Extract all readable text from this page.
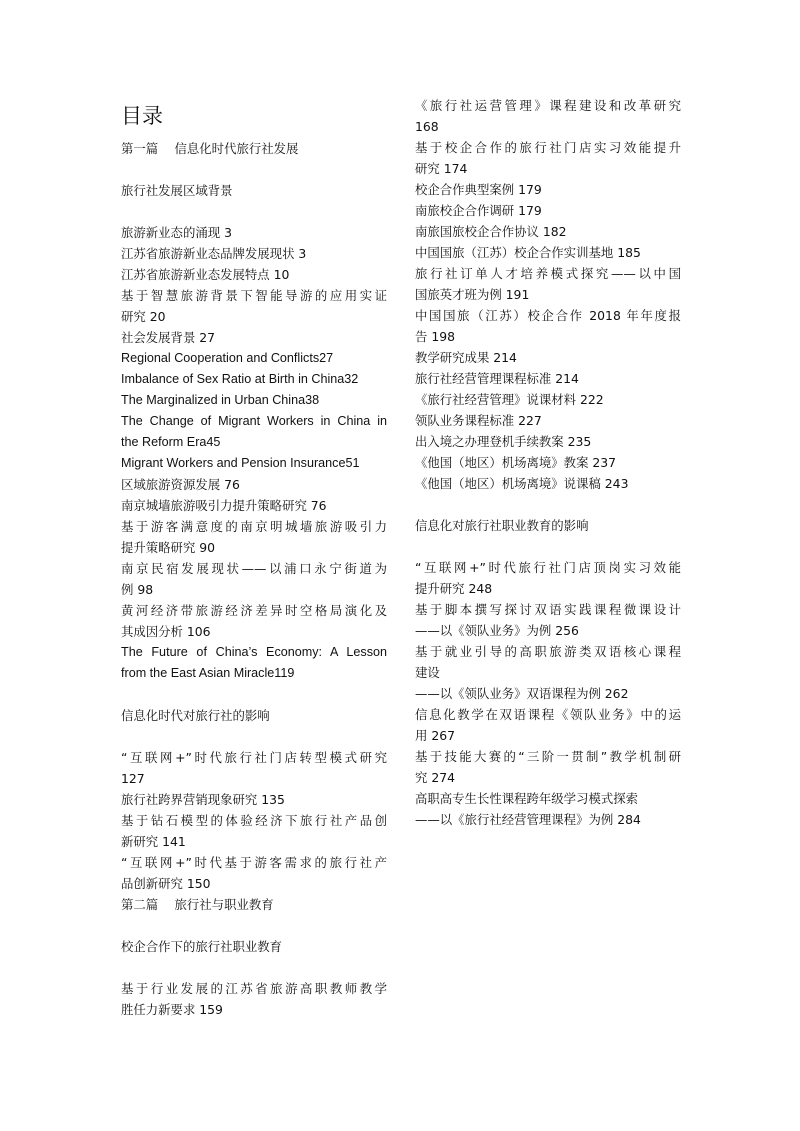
目录
第一篇　 信息化时代旅行社发展
旅行社发展区域背景
旅游新业态的涌现 3
江苏省旅游新业态品牌发展现状 3
江苏省旅游新业态发展特点 10
基于智慧旅游背景下智能导游的应用实证
研究 20
社会发展背景 27
Regional Cooperation and Conflicts27
Imbalance of Sex Ratio at Birth in China32
The Marginalized in Urban China38
The Change of Migrant Workers in China in
the Reform Era45
Migrant Workers and Pension Insurance51
区域旅游资源发展 76
南京城墙旅游吸引力提升策略研究 76
基于游客满意度的南京明城墙旅游吸引力
提升策略研究 90
南京民宿发展现状——以浦口永宁街道为
例 98
黄河经济带旅游经济差异时空格局演化及
其成因分析 106
The Future of China’s Economy: A Lesson
from the East Asian Miracle119
信息化时代对旅行社的影响
“互联网+”时代旅行社门店转型模式研究
127
旅行社跨界营销现象研究 135
基于钻石模型的体验经济下旅行社产品创
新研究 141
“互联网+”时代基于游客需求的旅行社产
品创新研究 150
第二篇　 旅行社与职业教育
校企合作下的旅行社职业教育
基于行业发展的江苏省旅游高职教师教学
胜任力新要求 159
《旅行社运营管理》课程建设和改革研究
168
基于校企合作的旅行社门店实习效能提升
研究 174
校企合作典型案例 179
南旅校企合作调研 179
南旅国旅校企合作协议 182
中国国旅（江苏）校企合作实训基地 185
旅行社订单人才培养模式探究——以中国
国旅英才班为例 191
中国国旅（江苏）校企合作 2018 年年度报
告 198
教学研究成果 214
旅行社经营管理课程标准 214
《旅行社经营管理》说课材料 222
领队业务课程标准 227
出入境之办理登机手续教案 235
《他国（地区）机场离境》教案 237
《他国（地区）机场离境》说课稿 243
信息化对旅行社职业教育的影响
“互联网+”时代旅行社门店顶岗实习效能
提升研究 248
基于脚本撰写探讨双语实践课程微课设计
——以《领队业务》为例 256
基于就业引导的高职旅游类双语核心课程
建设
——以《领队业务》双语课程为例 262
信息化教学在双语课程《领队业务》中的运
用 267
基于技能大赛的“三阶一贯制”教学机制研
究 274
高职高专生长性课程跨年级学习模式探索
——以《旅行社经营管理课程》为例 284
